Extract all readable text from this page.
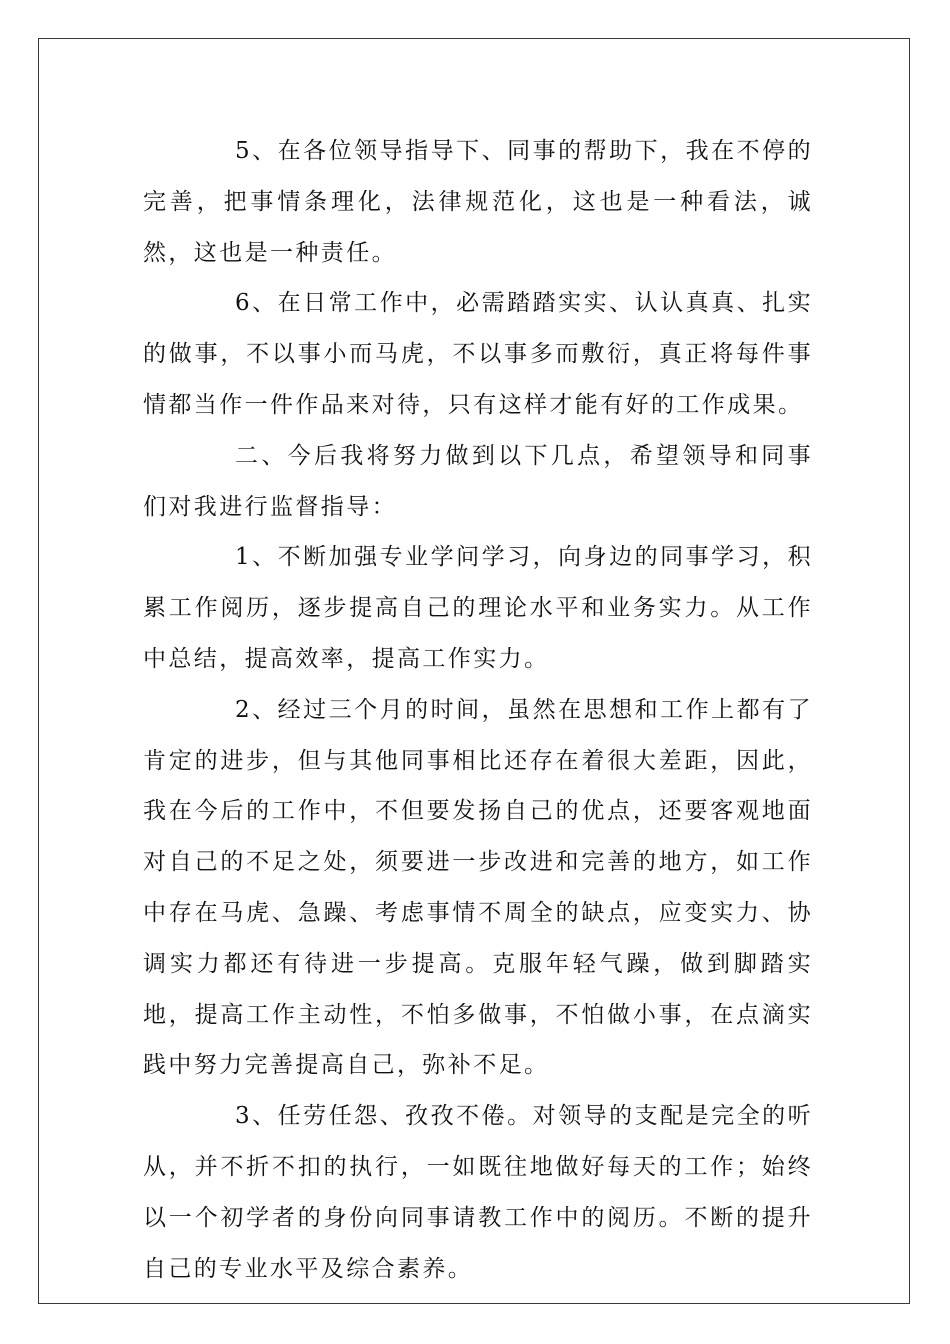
5、在各位领导指导下、同事的帮助下，我在不停的完善，把事情条理化，法律规范化，这也是一种看法，诚然，这也是一种责任。

6、在日常工作中，必需踏踏实实、认认真真、扎实的做事，不以事小而马虎，不以事多而敷衍，真正将每件事情都当作一件作品来对待，只有这样才能有好的工作成果。

二、今后我将努力做到以下几点，希望领导和同事们对我进行监督指导：

1、不断加强专业学问学习，向身边的同事学习，积累工作阅历，逐步提高自己的理论水平和业务实力。从工作中总结，提高效率，提高工作实力。

2、经过三个月的时间，虽然在思想和工作上都有了肯定的进步，但与其他同事相比还存在着很大差距，因此，我在今后的工作中，不但要发扬自己的优点，还要客观地面对自己的不足之处，须要进一步改进和完善的地方，如工作中存在马虎、急躁、考虑事情不周全的缺点，应变实力、协调实力都还有待进一步提高。克服年轻气躁，做到脚踏实地，提高工作主动性，不怕多做事，不怕做小事，在点滴实践中努力完善提高自己，弥补不足。

3、任劳任怨、孜孜不倦。对领导的支配是完全的听从，并不折不扣的执行，一如既往地做好每天的工作；始终以一个初学者的身份向同事请教工作中的阅历。不断的提升自己的专业水平及综合素养。
